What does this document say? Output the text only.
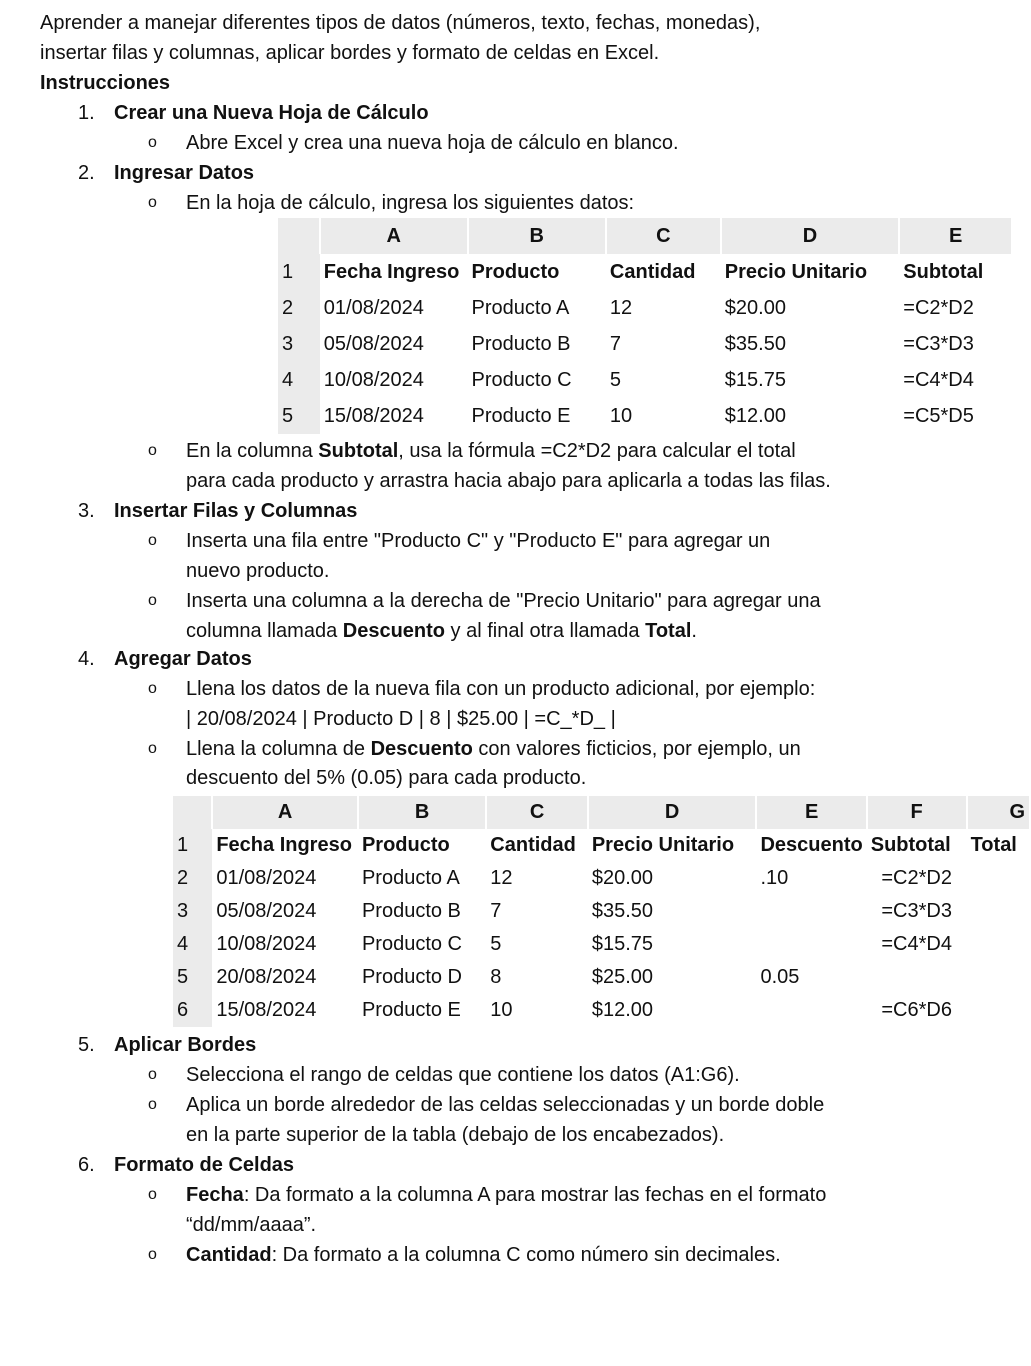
Aprender a manejar diferentes tipos de datos (números, texto, fechas, monedas),
insertar filas y columnas, aplicar bordes y formato de celdas en Excel.
Instrucciones
1. Crear una Nueva Hoja de Cálculo
o Abre Excel y crea una nueva hoja de cálculo en blanco.
2. Ingresar Datos
o En la hoja de cálculo, ingresa los siguientes datos:
	A	B	C	D	E
1	Fecha Ingreso	Producto	Cantidad	Precio Unitario	Subtotal
2	01/08/2024	Producto A	12	$20.00	=C2*D2
3	05/08/2024	Producto B	7	$35.50	=C3*D3
4	10/08/2024	Producto C	5	$15.75	=C4*D4
5	15/08/2024	Producto E	10	$12.00	=C5*D5
o En la columna Subtotal, usa la fórmula =C2*D2 para calcular el total
para cada producto y arrastra hacia abajo para aplicarla a todas las filas.
3. Insertar Filas y Columnas
o Inserta una fila entre "Producto C" y "Producto E" para agregar un
nuevo producto.
o Inserta una columna a la derecha de "Precio Unitario" para agregar una
columna llamada Descuento y al final otra llamada Total.
4. Agregar Datos
o Llena los datos de la nueva fila con un producto adicional, por ejemplo:
| 20/08/2024 | Producto D | 8 | $25.00 | =C_*D_ |
o Llena la columna de Descuento con valores ficticios, por ejemplo, un
descuento del 5% (0.05) para cada producto.
	A	B	C	D	E	F	G
1	Fecha Ingreso	Producto	Cantidad	Precio Unitario	Descuento	Subtotal	Total
2	01/08/2024	Producto A	12	$20.00	.10	=C2*D2	
3	05/08/2024	Producto B	7	$35.50		=C3*D3	
4	10/08/2024	Producto C	5	$15.75		=C4*D4	
5	20/08/2024	Producto D	8	$25.00	0.05		
6	15/08/2024	Producto E	10	$12.00		=C6*D6	
5. Aplicar Bordes
o Selecciona el rango de celdas que contiene los datos (A1:G6).
o Aplica un borde alrededor de las celdas seleccionadas y un borde doble
en la parte superior de la tabla (debajo de los encabezados).
6. Formato de Celdas
o Fecha: Da formato a la columna A para mostrar las fechas en el formato
“dd/mm/aaaa”.
o Cantidad: Da formato a la columna C como número sin decimales.
